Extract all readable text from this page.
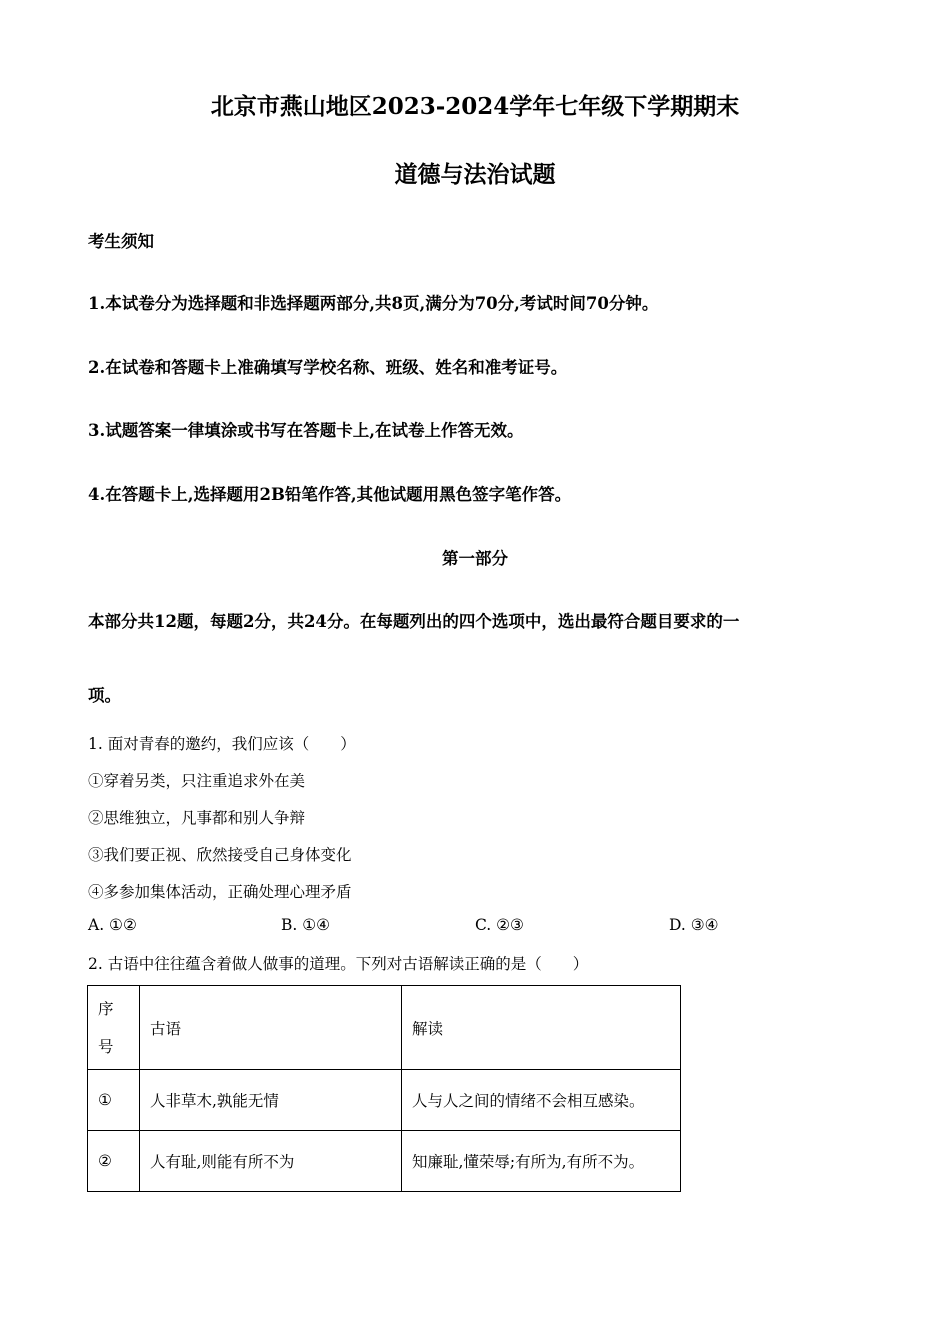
北京市燕山地区2023-2024学年七年级下学期期末
道德与法治试题
考生须知
1.本试卷分为选择题和非选择题两部分,共8页,满分为70分,考试时间70分钟。
2.在试卷和答题卡上准确填写学校名称、班级、姓名和准考证号。
3.试题答案一律填涂或书写在答题卡上,在试卷上作答无效。
4.在答题卡上,选择题用2B铅笔作答,其他试题用黑色签字笔作答。
第一部分
本部分共12题，每题2分，共24分。在每题列出的四个选项中，选出最符合题目要求的一
项。
1. 面对青春的邀约，我们应该（　　）
①穿着另类，只注重追求外在美
②思维独立，凡事都和别人争辩
③我们要正视、欣然接受自己身体变化
④多参加集体活动，正确处理心理矛盾
A. ①②	B. ①④	C. ②③	D. ③④
2. 古语中往往蕴含着做人做事的道理。下列对古语解读正确的是（　　）
序
号	古语	解读
①	人非草木,孰能无情	人与人之间的情绪不会相互感染。
②	人有耻,则能有所不为	知廉耻,懂荣辱;有所为,有所不为。
